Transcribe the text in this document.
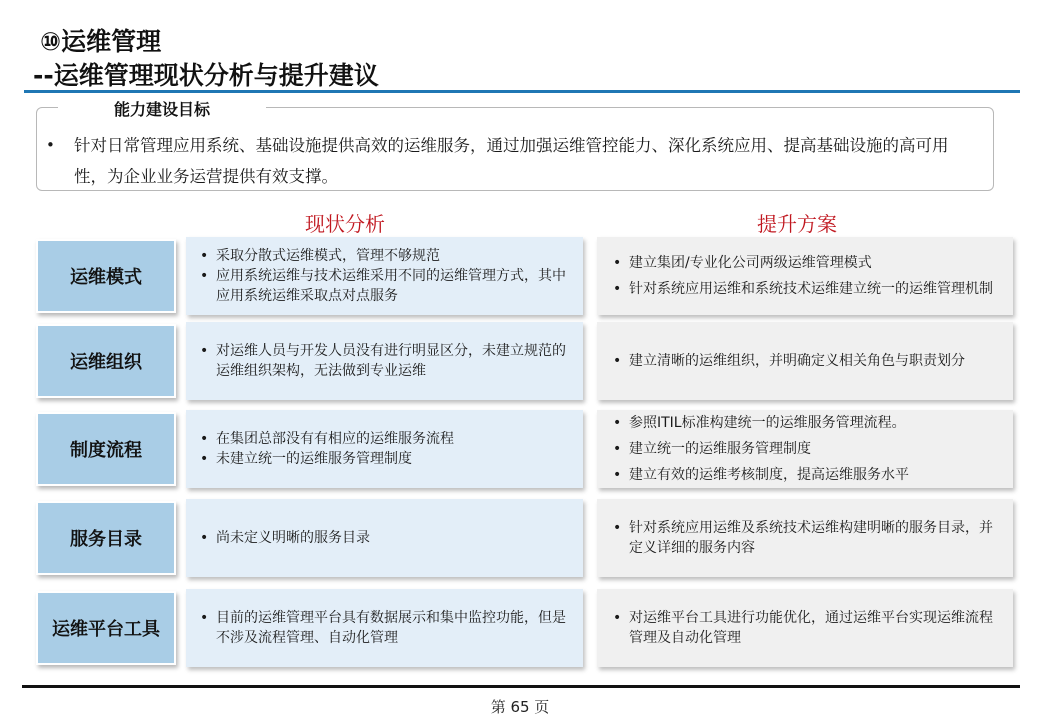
⑩运维管理
--运维管理现状分析与提升建议
能力建设目标
• 针对日常管理应用系统、基础设施提供高效的运维服务，通过加强运维管控能力、深化系统应用、提高基础设施的高可用性，为企业业务运营提供有效支撑。
现状分析	提升方案
运维模式
• 采取分散式运维模式，管理不够规范
• 应用系统运维与技术运维采用不同的运维管理方式，其中应用系统运维采取点对点服务
• 建立集团/专业化公司两级运维管理模式
• 针对系统应用运维和系统技术运维建立统一的运维管理机制
运维组织
• 对运维人员与开发人员没有进行明显区分，未建立规范的运维组织架构，无法做到专业运维
• 建立清晰的运维组织，并明确定义相关角色与职责划分
制度流程
• 在集团总部没有有相应的运维服务流程
• 未建立统一的运维服务管理制度
• 参照ITIL标准构建统一的运维服务管理流程。
• 建立统一的运维服务管理制度
• 建立有效的运维考核制度，提高运维服务水平
服务目录
•	尚未定义明晰的服务目录
• 针对系统应用运维及系统技术运维构建明晰的服务目录，并定义详细的服务内容
运维平台工具
• 目前的运维管理平台具有数据展示和集中监控功能，但是不涉及流程管理、自动化管理
• 对运维平台工具进行功能优化，通过运维平台实现运维流程管理及自动化管理
第 65 页
